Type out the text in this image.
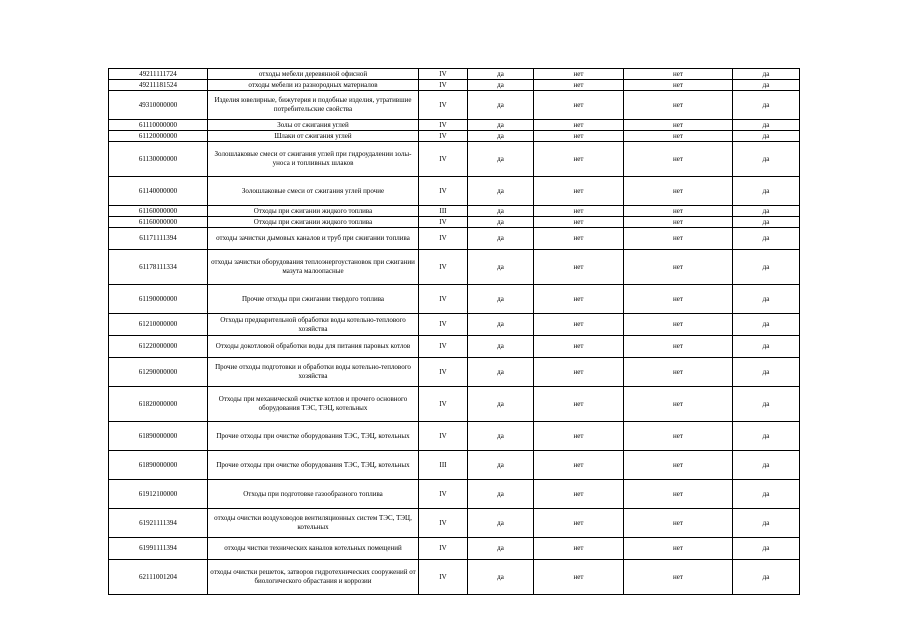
49211111724	отходы мебели деревянной офисной	IV	да	нет	нет	да
49211181524	отходы мебели из разнородных материалов	IV	да	нет	нет	да
49310000000	Изделия ювелирные, бижутерия и подобные изделия, утратившие потребительские свойства	IV	да	нет	нет	да
61110000000	Золы от сжигания углей	IV	да	нет	нет	да
61120000000	Шлаки от сжигания углей	IV	да	нет	нет	да
61130000000	Золошлаковые смеси от сжигания углей при гидроудалении золы-уноса и топливных шлаков	IV	да	нет	нет	да
61140000000	Золошлаковые смеси от сжигания углей прочие	IV	да	нет	нет	да
61160000000	Отходы при сжигании жидкого топлива	III	да	нет	нет	да
61160000000	Отходы при сжигании жидкого топлива	IV	да	нет	нет	да
61171111394	отходы зачистки дымовых каналов и труб при сжигании топлива	IV	да	нет	нет	да
61178111334	отходы зачистки оборудования теплоэнергоустановок при сжигании мазута малоопасные	IV	да	нет	нет	да
61190000000	Прочие отходы при сжигании твердого топлива	IV	да	нет	нет	да
61210000000	Отходы предварительной обработки воды котельно-теплового хозяйства	IV	да	нет	нет	да
61220000000	Отходы докотловой обработки воды для питания паровых котлов	IV	да	нет	нет	да
61290000000	Прочие отходы подготовки и обработки воды котельно-теплового хозяйства	IV	да	нет	нет	да
61820000000	Отходы при механической очистке котлов и прочего основного оборудования ТЭС, ТЭЦ, котельных	IV	да	нет	нет	да
61890000000	Прочие отходы при очистке оборудования ТЭС, ТЭЦ, котельных	IV	да	нет	нет	да
61890000000	Прочие отходы при очистке оборудования ТЭС, ТЭЦ, котельных	III	да	нет	нет	да
61912100000	Отходы при подготовке газообразного топлива	IV	да	нет	нет	да
61921111394	отходы очистки воздуховодов вентиляционных систем ТЭС, ТЭЦ, котельных	IV	да	нет	нет	да
61991111394	отходы чистки технических каналов котельных помещений	IV	да	нет	нет	да
62111001204	отходы очистки решеток, затворов гидротехнических сооружений от биологического обрастания и коррозии	IV	да	нет	нет	да
